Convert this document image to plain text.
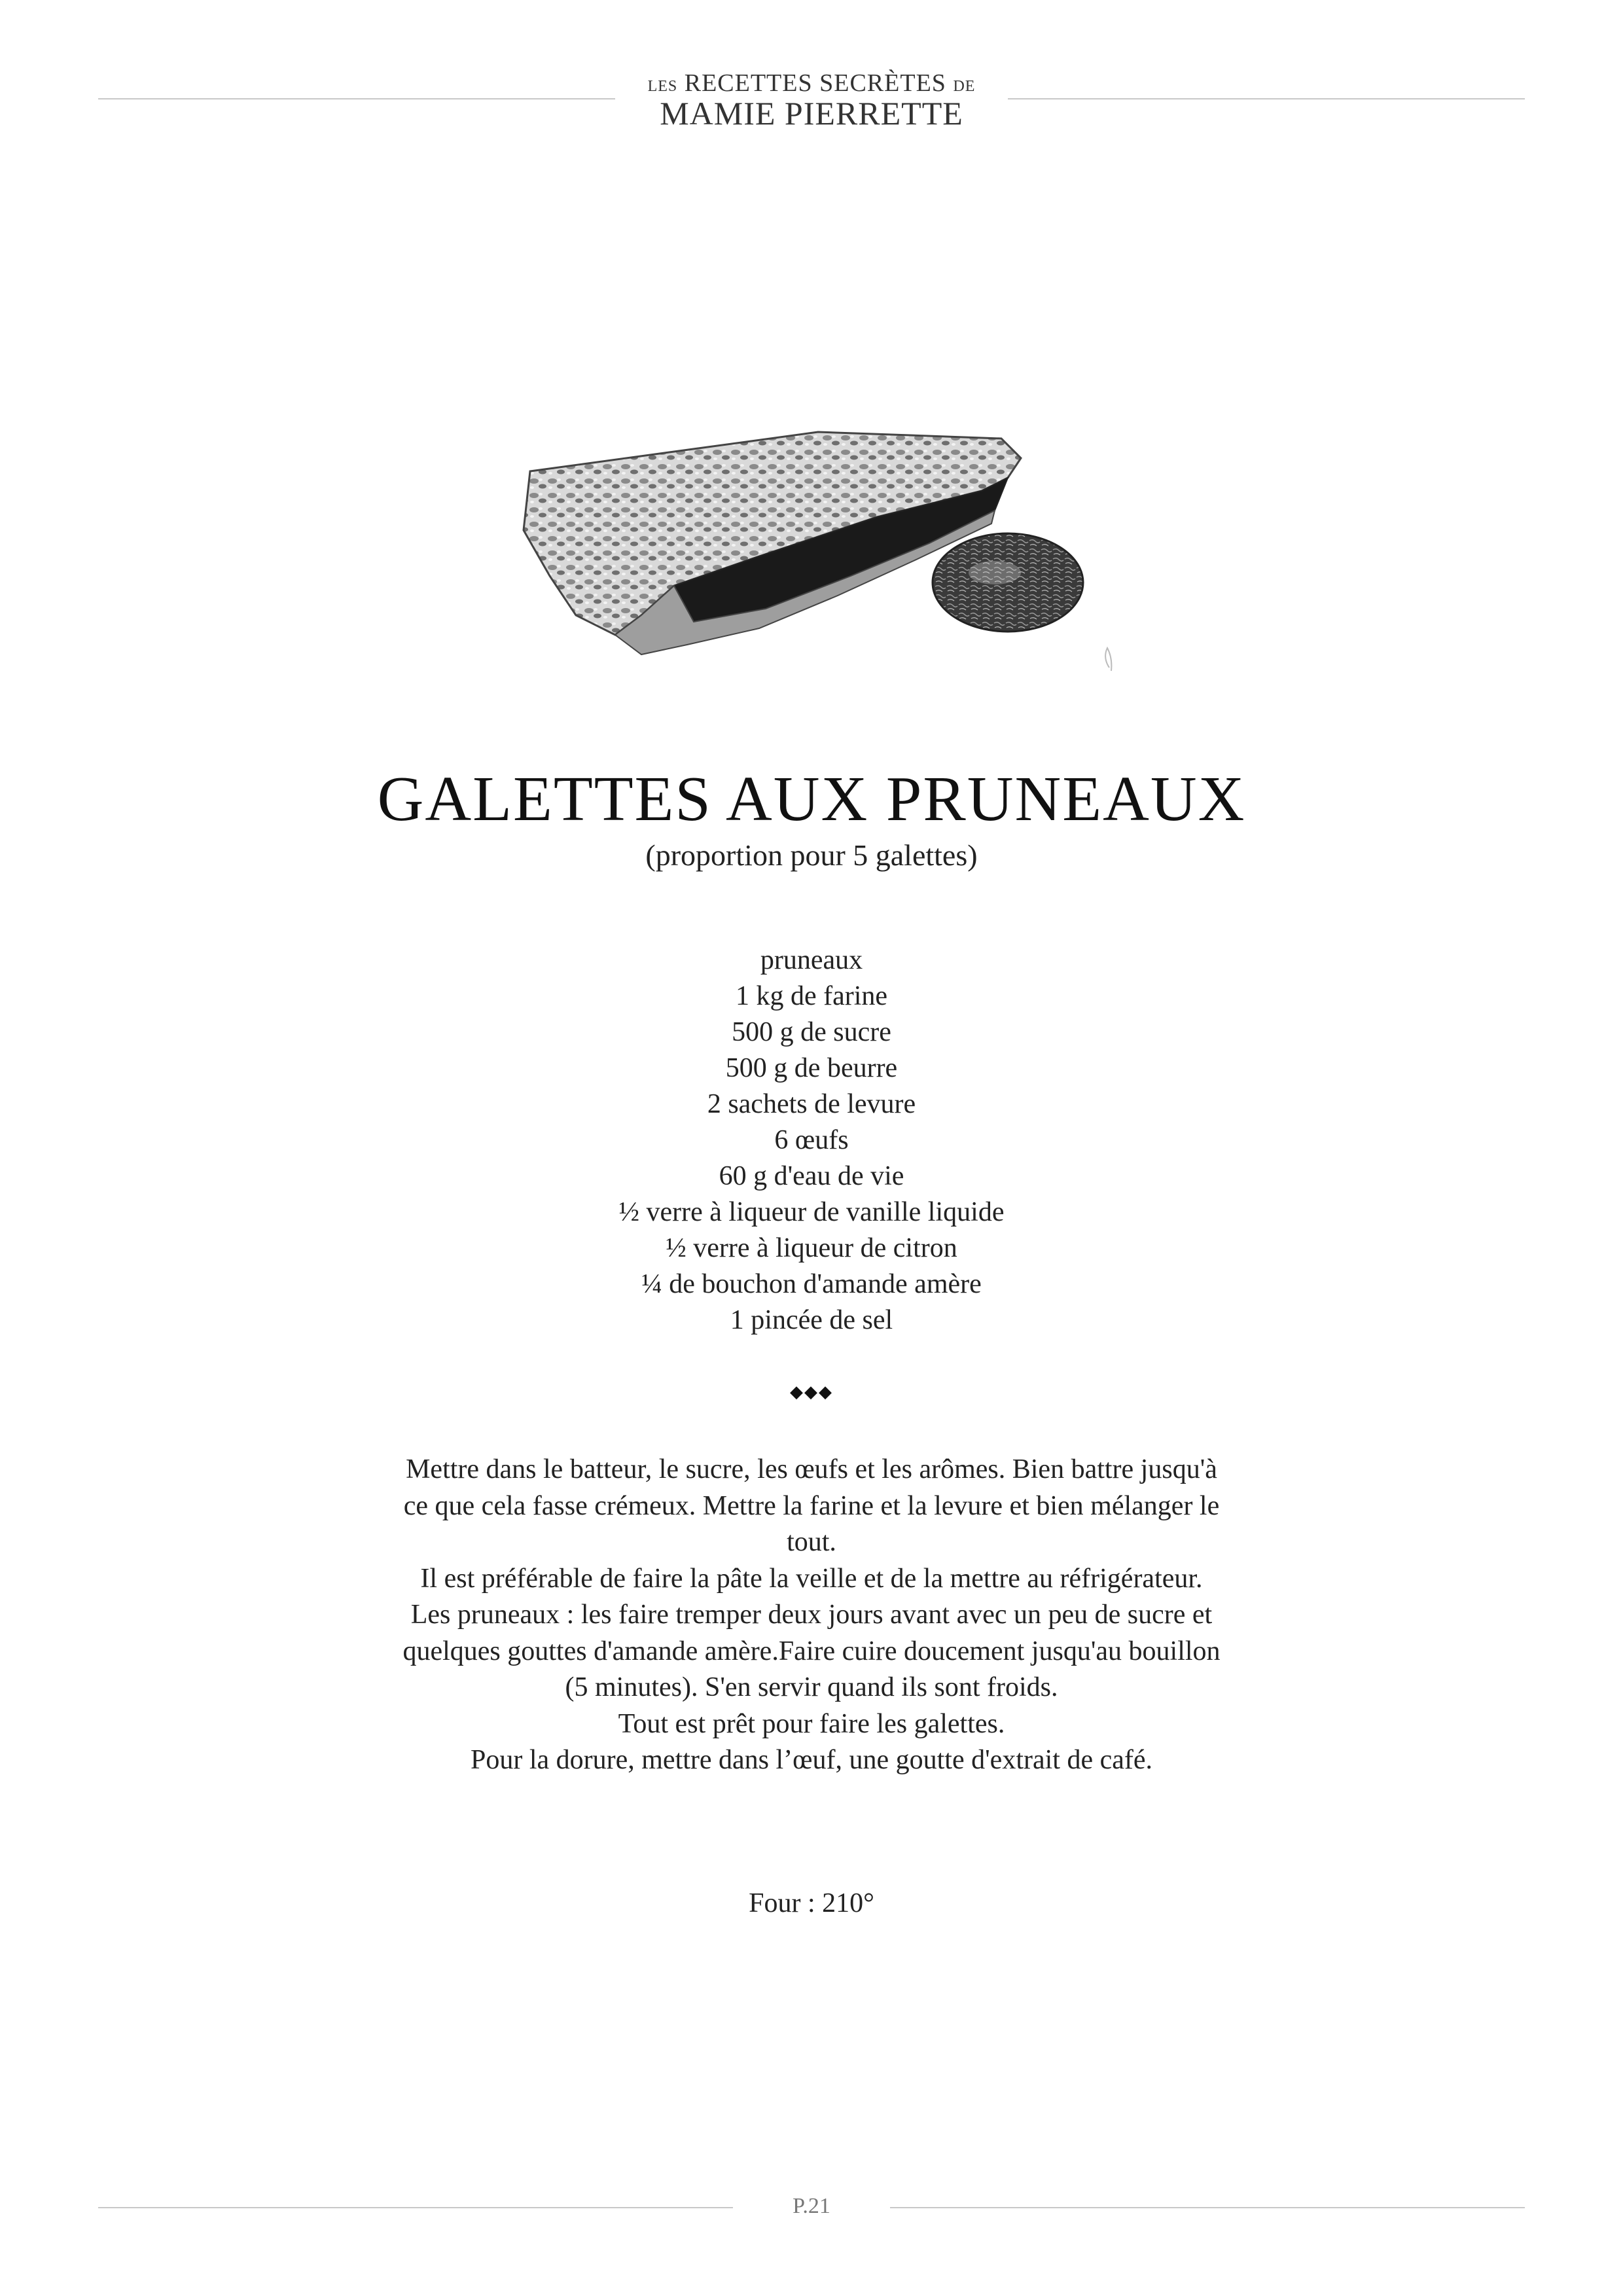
LES RECETTES SECRÈTES DE
MAMIE PIERRETTE
GALETTES AUX PRUNEAUX
(proportion pour 5 galettes)
pruneaux
1 kg de farine
500 g de sucre
500 g de beurre
2 sachets de levure
6 œufs
60 g d'eau de vie
½ verre à liqueur de vanille liquide
½ verre à liqueur de citron
¼ de bouchon d'amande amère
1 pincée de sel
◆◆◆

Mettre dans le batteur, le sucre, les œufs et les arômes. Bien battre jusqu'à ce que cela fasse crémeux. Mettre la farine et la levure et bien mélanger le tout.

Il est préférable de faire la pâte la veille et de la mettre au réfrigérateur.

Les pruneaux : les faire tremper deux jours avant avec un peu de sucre et quelques gouttes d'amande amère.Faire cuire doucement jusqu'au bouillon (5 minutes). S'en servir quand ils sont froids.

Tout est prêt pour faire les galettes.

Pour la dorure, mettre dans l’œuf, une goutte d'extrait de café.

Four : 210°
P.21
